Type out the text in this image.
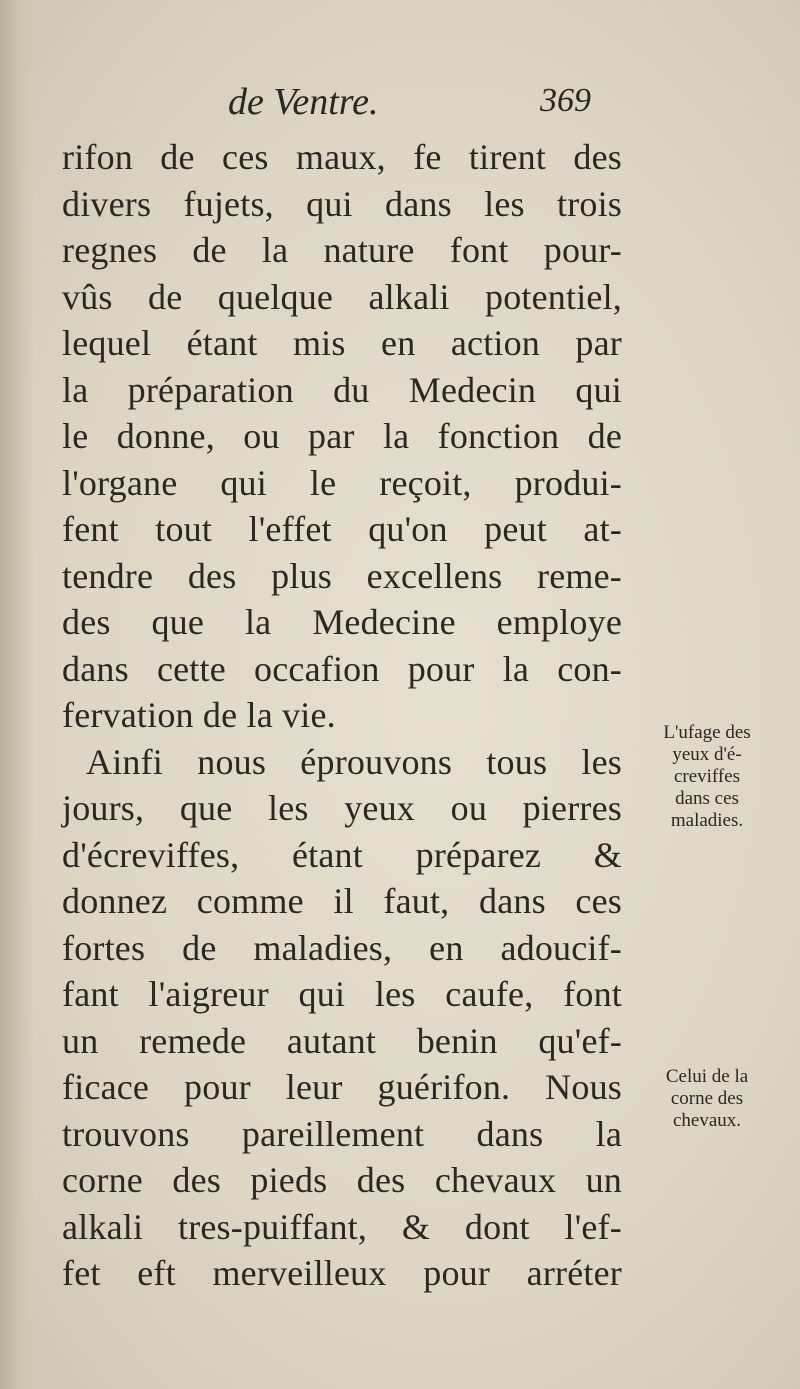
de Ventre.	369
rifon de ces maux, fe tirent des
divers fujets, qui dans les trois
regnes de la nature font pour-
vûs de quelque alkali potentiel,
lequel étant mis en action par
la préparation du Medecin qui
le donne, ou par la fonction de
l'organe qui le reçoit, produi-
fent tout l'effet qu'on peut at-
tendre des plus excellens reme-
des que la Medecine employe
dans cette occafion pour la con-
fervation de la vie.
Ainfi nous éprouvons tous les
jours, que les yeux ou pierres
d'écreviffes, étant préparez &
donnez comme il faut, dans ces
fortes de maladies, en adoucif-
fant l'aigreur qui les caufe, font
un remede autant benin qu'ef-
ficace pour leur guérifon. Nous
trouvons pareillement dans la
corne des pieds des chevaux un
alkali tres-puiffant, & dont l'ef-
fet eft merveilleux pour arréter
L'ufage des
yeux d'é-
creviffes
dans ces
maladies.
Celui de la
corne des
chevaux.
